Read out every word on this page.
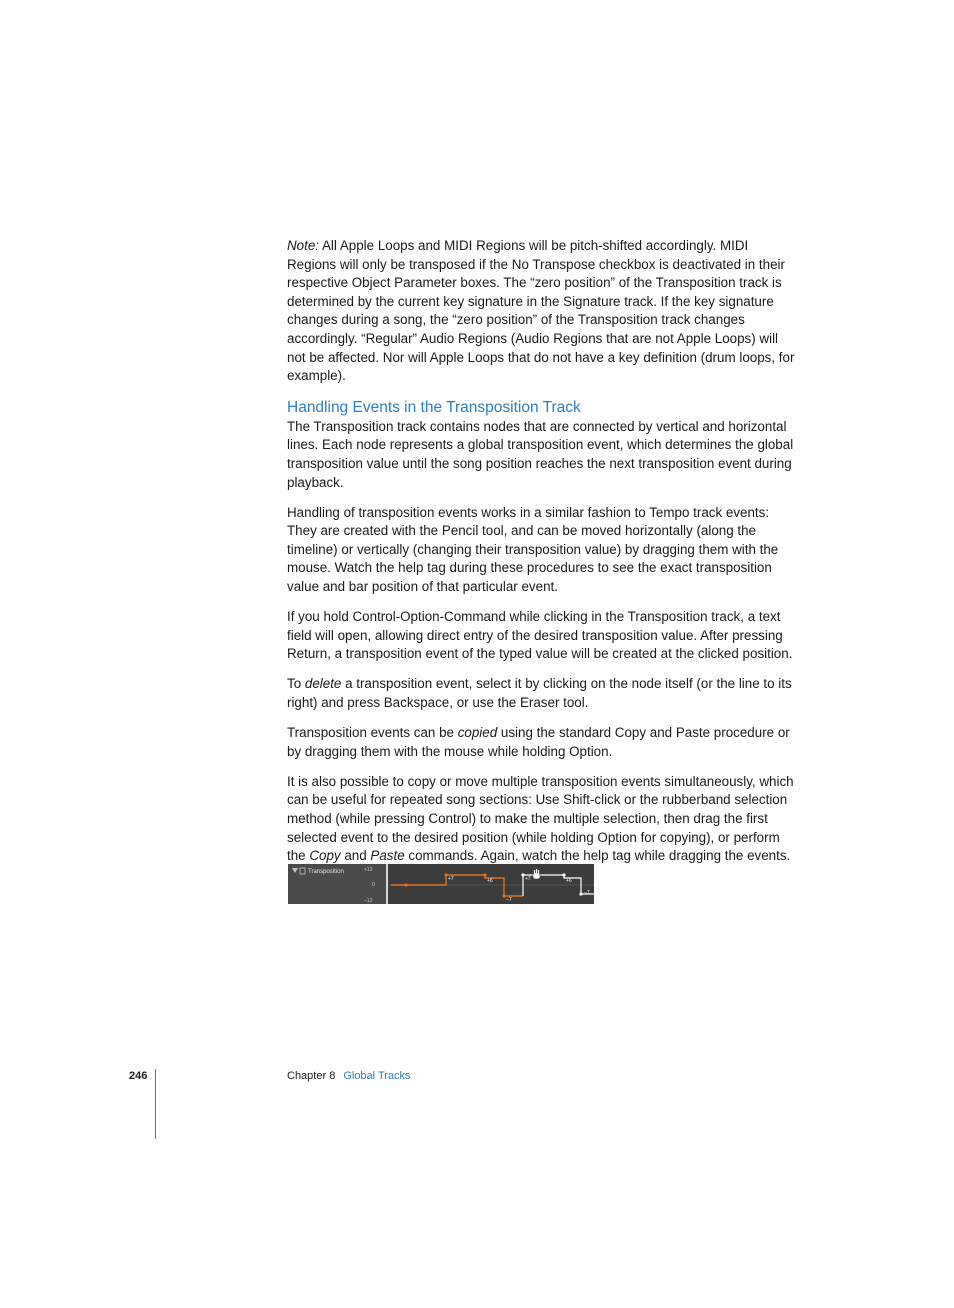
Note: All Apple Loops and MIDI Regions will be pitch-shifted accordingly. MIDI Regions will only be transposed if the No Transpose checkbox is deactivated in their respective Object Parameter boxes. The “zero position” of the Transposition track is determined by the current key signature in the Signature track. If the key signature changes during a song, the “zero position” of the Transposition track changes accordingly. “Regular” Audio Regions (Audio Regions that are not Apple Loops) will not be affected. Nor will Apple Loops that do not have a key definition (drum loops, for example).

Handling Events in the Transposition Track

The Transposition track contains nodes that are connected by vertical and horizontal lines. Each node represents a global transposition event, which determines the global transposition value until the song position reaches the next transposition event during playback.

Handling of transposition events works in a similar fashion to Tempo track events: They are created with the Pencil tool, and can be moved horizontally (along the timeline) or vertically (changing their transposition value) by dragging them with the mouse. Watch the help tag during these procedures to see the exact transposition value and bar position of that particular event.

If you hold Control-Option-Command while clicking in the Transposition track, a text field will open, allowing direct entry of the desired transposition value. After pressing Return, a transposition event of the typed value will be created at the clicked position.

To delete a transposition event, select it by clicking on the node itself (or the line to its right) and press Backspace, or use the Eraser tool.

Transposition events can be copied using the standard Copy and Paste procedure or by dragging them with the mouse while holding Option.

It is also possible to copy or move multiple transposition events simultaneously, which can be useful for repeated song sections: Use Shift-click or the rubberband selection method (while pressing Control) to make the multiple selection, then drag the first selected event to the desired position (while holding Option for copying), or perform the Copy and Paste commands. Again, watch the help tag while dragging the events.

Transposition	+12
0
−12
+7	+6
−7
+7	+6
−7
246	Chapter 8 Global Tracks
